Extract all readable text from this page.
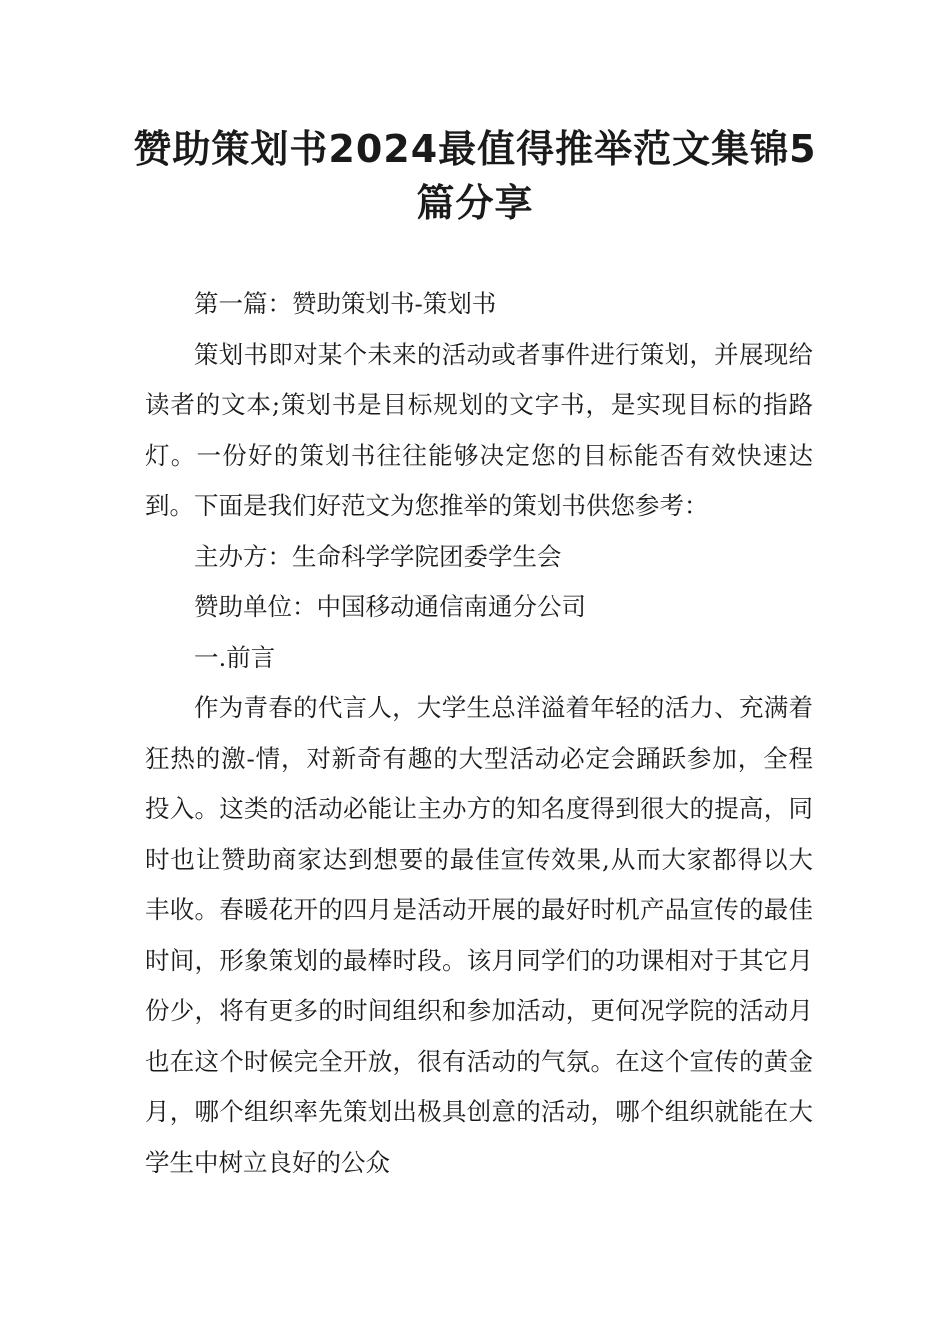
赞助策划书2024最值得推举范文集锦5篇分享

第一篇：赞助策划书-策划书

策划书即对某个未来的活动或者事件进行策划，并展现给读者的文本;策划书是目标规划的文字书，是实现目标的指路灯。一份好的策划书往往能够决定您的目标能否有效快速达到。下面是我们好范文为您推举的策划书供您参考：

主办方：生命科学学院团委学生会

赞助单位：中国移动通信南通分公司

一.前言

作为青春的代言人，大学生总洋溢着年轻的活力、充满着狂热的激-情，对新奇有趣的大型活动必定会踊跃参加，全程投入。这类的活动必能让主办方的知名度得到很大的提高，同时也让赞助商家达到想要的最佳宣传效果,从而大家都得以大丰收。春暖花开的四月是活动开展的最好时机产品宣传的最佳时间，形象策划的最棒时段。该月同学们的功课相对于其它月份少，将有更多的时间组织和参加活动，更何况学院的活动月也在这个时候完全开放，很有活动的气氛。在这个宣传的黄金月，哪个组织率先策划出极具创意的活动，哪个组织就能在大学生中树立良好的公众
